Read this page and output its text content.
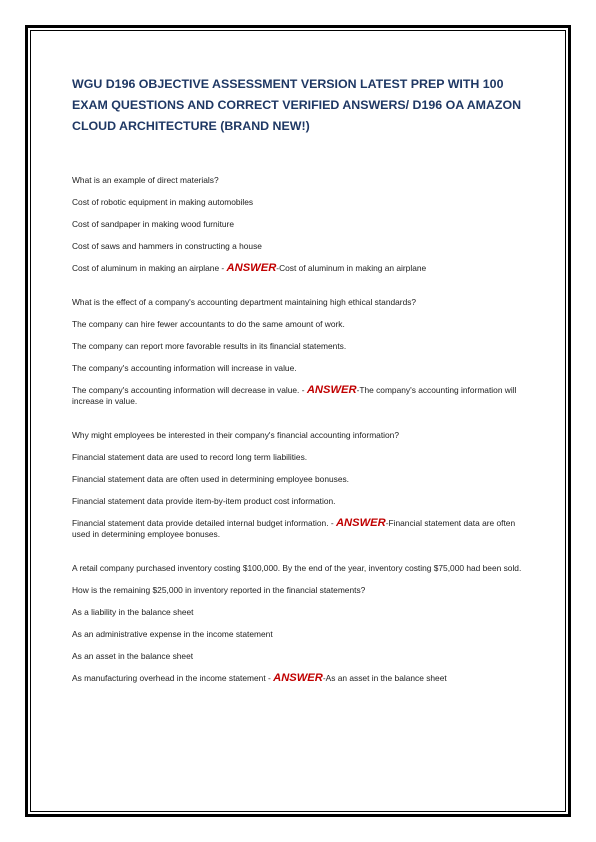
WGU D196 OBJECTIVE ASSESSMENT VERSION LATEST PREP WITH 100 EXAM QUESTIONS AND CORRECT VERIFIED ANSWERS/ D196 OA AMAZON CLOUD ARCHITECTURE (BRAND NEW!)
What is an example of direct materials?
Cost of robotic equipment in making automobiles
Cost of sandpaper in making wood furniture
Cost of saws and hammers in constructing a house
Cost of aluminum in making an airplane - ANSWER-Cost of aluminum in making an airplane
What is the effect of a company's accounting department maintaining high ethical standards?
The company can hire fewer accountants to do the same amount of work.
The company can report more favorable results in its financial statements.
The company's accounting information will increase in value.
The company's accounting information will decrease in value. - ANSWER-The company's accounting information will increase in value.
Why might employees be interested in their company's financial accounting information?
Financial statement data are used to record long term liabilities.
Financial statement data are often used in determining employee bonuses.
Financial statement data provide item-by-item product cost information.
Financial statement data provide detailed internal budget information. - ANSWER-Financial statement data are often used in determining employee bonuses.
A retail company purchased inventory costing $100,000. By the end of the year, inventory costing $75,000 had been sold.
How is the remaining $25,000 in inventory reported in the financial statements?
As a liability in the balance sheet
As an administrative expense in the income statement
As an asset in the balance sheet
As manufacturing overhead in the income statement - ANSWER-As an asset in the balance sheet
